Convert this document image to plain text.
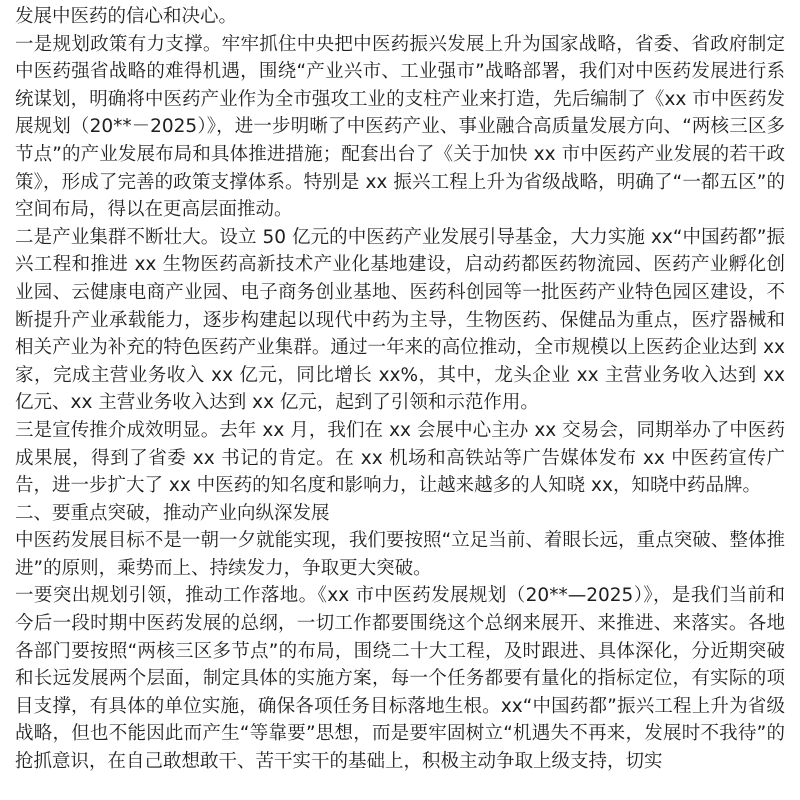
发展中医药的信心和决心。

一是规划政策有力支撑。牢牢抓住中央把中医药振兴发展上升为国家战略，省委、省政府制定中医药强省战略的难得机遇，围绕“产业兴市、工业强市”战略部署，我们对中医药发展进行系统谋划，明确将中医药产业作为全市强攻工业的支柱产业来打造，先后编制了《xx 市中医药发展规划（20**－2025）》，进一步明晰了中医药产业、事业融合高质量发展方向、“两核三区多节点”的产业发展布局和具体推进措施；配套出台了《关于加快 xx 市中医药产业发展的若干政策》，形成了完善的政策支撑体系。特别是 xx 振兴工程上升为省级战略，明确了“一都五区”的空间布局，得以在更高层面推动。

二是产业集群不断壮大。设立 50 亿元的中医药产业发展引导基金，大力实施 xx“中国药都”振兴工程和推进 xx 生物医药高新技术产业化基地建设，启动药都医药物流园、医药产业孵化创业园、云健康电商产业园、电子商务创业基地、医药科创园等一批医药产业特色园区建设，不断提升产业承载能力，逐步构建起以现代中药为主导，生物医药、保健品为重点，医疗器械和相关产业为补充的特色医药产业集群。通过一年来的高位推动，全市规模以上医药企业达到 xx 家，完成主营业务收入 xx 亿元，同比增长 xx%，其中，龙头企业 xx 主营业务收入达到 xx 亿元、xx 主营业务收入达到 xx 亿元，起到了引领和示范作用。

三是宣传推介成效明显。去年 xx 月，我们在 xx 会展中心主办 xx 交易会，同期举办了中医药成果展，得到了省委 xx 书记的肯定。在 xx 机场和高铁站等广告媒体发布 xx 中医药宣传广告，进一步扩大了 xx 中医药的知名度和影响力，让越来越多的人知晓 xx，知晓中药品牌。

二、要重点突破，推动产业向纵深发展

中医药发展目标不是一朝一夕就能实现，我们要按照“立足当前、着眼长远，重点突破、整体推进”的原则，乘势而上、持续发力，争取更大突破。

一要突出规划引领，推动工作落地。《xx 市中医药发展规划（20**—2025）》，是我们当前和今后一段时期中医药发展的总纲，一切工作都要围绕这个总纲来展开、来推进、来落实。各地各部门要按照“两核三区多节点”的布局，围绕二十大工程，及时跟进、具体深化，分近期突破和长远发展两个层面，制定具体的实施方案，每一个任务都要有量化的指标定位，有实际的项目支撑，有具体的单位实施，确保各项任务目标落地生根。xx“中国药都”振兴工程上升为省级战略，但也不能因此而产生“等靠要”思想，而是要牢固树立“机遇失不再来，发展时不我待”的抢抓意识，在自己敢想敢干、苦干实干的基础上，积极主动争取上级支持，切实
